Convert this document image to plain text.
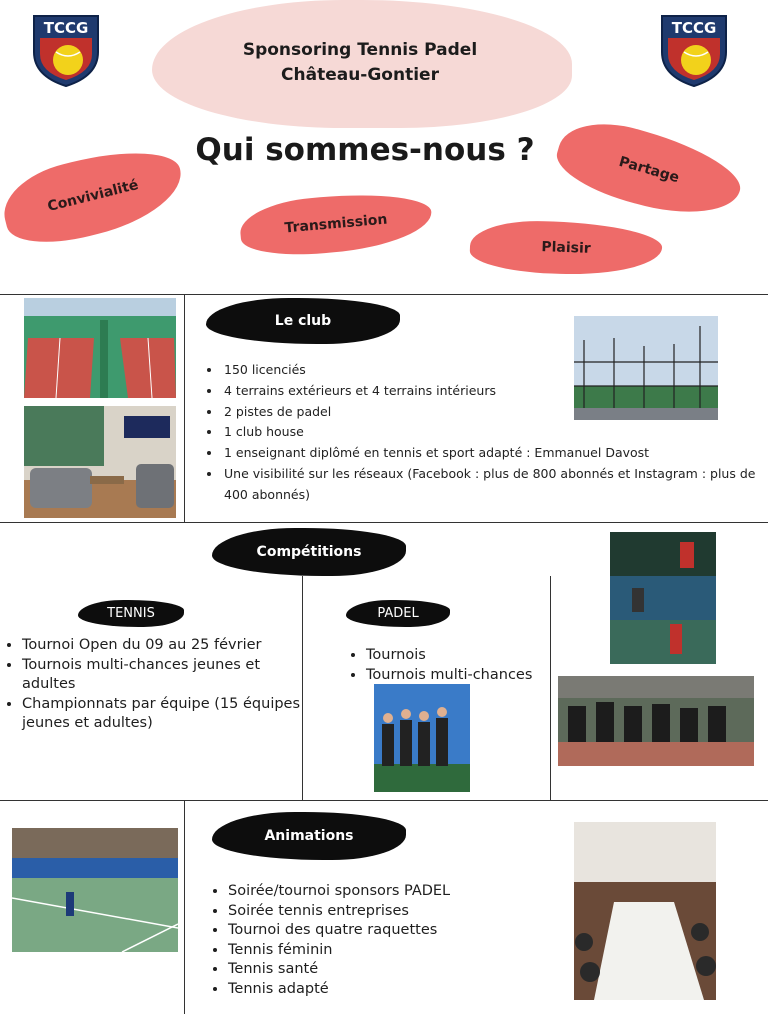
TCCG	TCCG
Sponsoring Tennis Padel
Château-Gontier
Qui sommes-nous ?
Convivialité
Partage
Transmission
Plaisir
Le club
• 150 licenciés
• 4 terrains extérieurs et 4 terrains intérieurs
• 2 pistes de padel
• 1 club house
• 1 enseignant diplômé en tennis et sport adapté : Emmanuel Davost
• Une visibilité sur les réseaux (Facebook : plus de 800 abonnés et Instagram : plus de 400 abonnés)
Compétitions
TENNIS
• Tournoi Open du 09 au 25 février
• Tournois multi-chances jeunes et adultes
• Championnats par équipe (15 équipes jeunes et adultes)
PADEL
• Tournois
• Tournois multi-chances
Animations
• Soirée/tournoi sponsors PADEL
• Soirée tennis entreprises
• Tournoi des quatre raquettes
• Tennis féminin
• Tennis santé
• Tennis adapté
